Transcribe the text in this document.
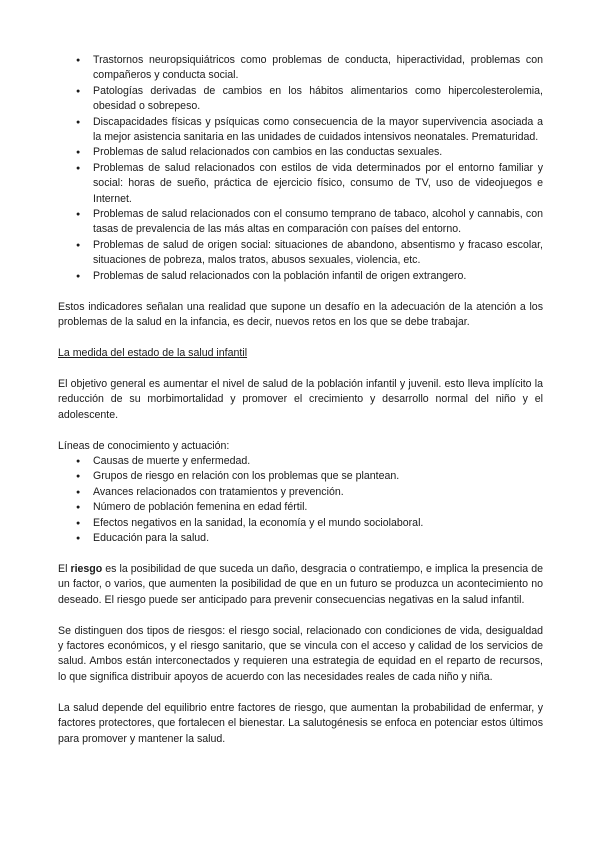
● Trastornos neuropsiquiátricos como problemas de conducta, hiperactividad, problemas con compañeros y conducta social.
● Patologías derivadas de cambios en los hábitos alimentarios como hipercolesterolemia, obesidad o sobrepeso.
● Discapacidades físicas y psíquicas como consecuencia de la mayor supervivencia asociada a la mejor asistencia sanitaria en las unidades de cuidados intensivos neonatales. Prematuridad.
● Problemas de salud relacionados con cambios en las conductas sexuales.
● Problemas de salud relacionados con estilos de vida determinados por el entorno familiar y social: horas de sueño, práctica de ejercicio físico, consumo de TV, uso de videojuegos e Internet.
● Problemas de salud relacionados con el consumo temprano de tabaco, alcohol y cannabis, con tasas de prevalencia de las más altas en comparación con países del entorno.
● Problemas de salud de origen social: situaciones de abandono, absentismo y fracaso escolar, situaciones de pobreza, malos tratos, abusos sexuales, violencia, etc.
● Problemas de salud relacionados con la población infantil de origen extrangero.

Estos indicadores señalan una realidad que supone un desafío en la adecuación de la atención a los problemas de la salud en la infancia, es decir, nuevos retos en los que se debe trabajar.

La medida del estado de la salud infantil

El objetivo general es aumentar el nivel de salud de la población infantil y juvenil. esto lleva implícito la reducción de su morbimortalidad y promover el crecimiento y desarrollo normal del niño y el adolescente.

Líneas de conocimiento y actuación:

● Causas de muerte y enfermedad.
● Grupos de riesgo en relación con los problemas que se plantean.
● Avances relacionados con tratamientos y prevención.
● Número de población femenina en edad fértil.
● Efectos negativos en la sanidad, la economía y el mundo sociolaboral.
● Educación para la salud.

El riesgo es la posibilidad de que suceda un daño, desgracia o contratiempo, e implica la presencia de un factor, o varios, que aumenten la posibilidad de que en un futuro se produzca un acontecimiento no deseado. El riesgo puede ser anticipado para prevenir consecuencias negativas en la salud infantil.

Se distinguen dos tipos de riesgos: el riesgo social, relacionado con condiciones de vida, desigualdad y factores económicos, y el riesgo sanitario, que se vincula con el acceso y calidad de los servicios de salud. Ambos están interconectados y requieren una estrategia de equidad en el reparto de recursos, lo que significa distribuir apoyos de acuerdo con las necesidades reales de cada niño y niña.

La salud depende del equilibrio entre factores de riesgo, que aumentan la probabilidad de enfermar, y factores protectores, que fortalecen el bienestar. La salutogénesis se enfoca en potenciar estos últimos para promover y mantener la salud.
